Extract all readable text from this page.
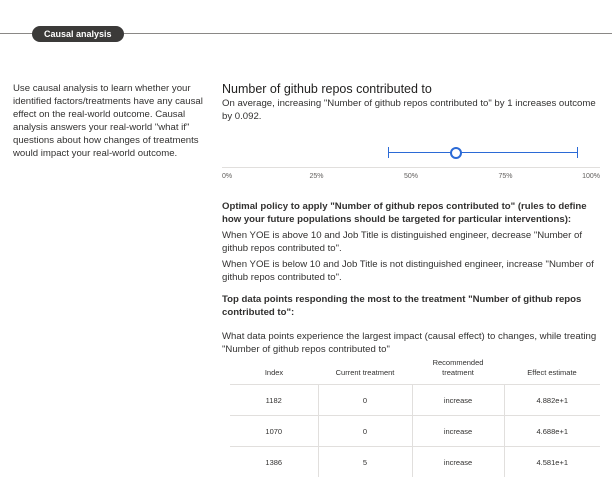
Causal analysis
Use causal analysis to learn whether your identified factors/treatments have any causal effect on the real-world outcome. Causal analysis answers your real-world "what if" questions about how changes of treatments would impact your real-world outcome.
Number of github repos contributed to
On average, increasing "Number of github repos contributed to" by 1 increases outcome by 0.092.
0%	25%	50%	75%	100%
Optimal policy to apply "Number of github repos contributed to" (rules to define how your future populations should be targeted for particular interventions):
When YOE is above 10 and Job Title is distinguished engineer, decrease "Number of github repos contributed to".
When YOE is below 10 and Job Title is not distinguished engineer, increase "Number of github repos contributed to".
Top data points responding the most to the treatment "Number of github repos contributed to":
What data points experience the largest impact (causal effect) to changes, while treating "Number of github repos contributed to"
Index	Current treatment	Recommended treatment	Effect estimate
1182	0	increase	4.882e+1
1070	0	increase	4.688e+1
1386	5	increase	4.581e+1
